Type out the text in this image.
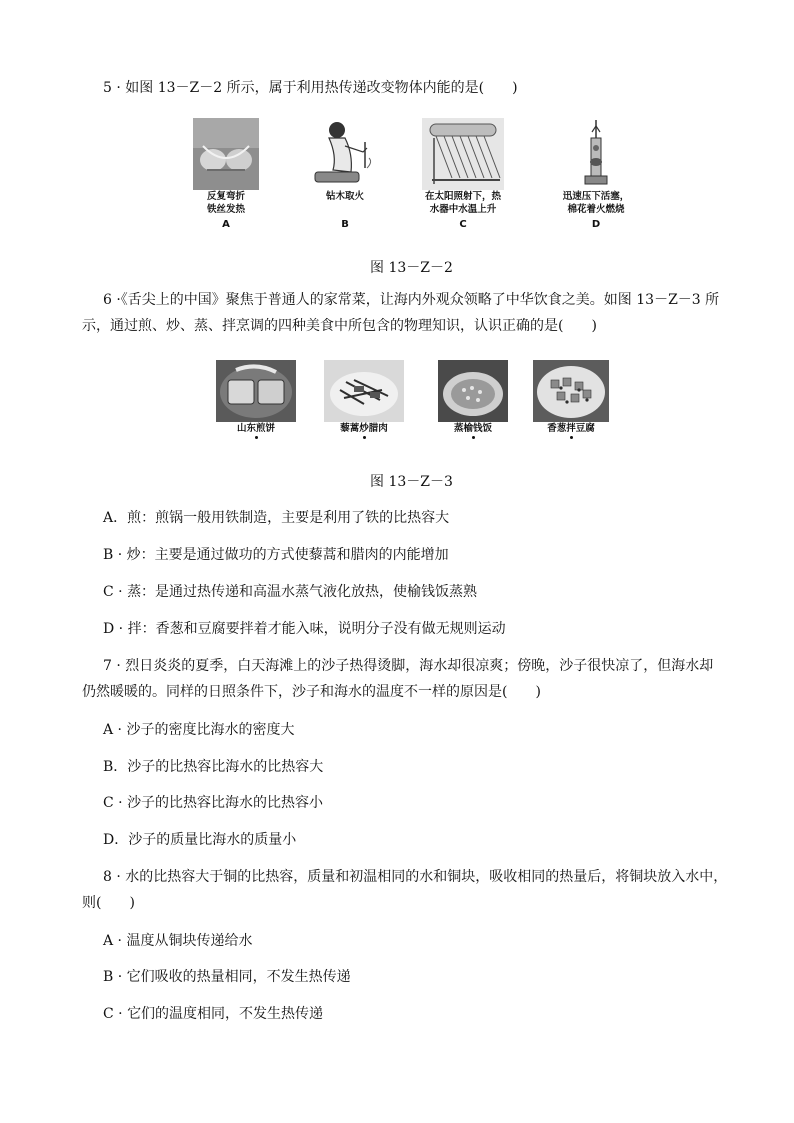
5 · 如图 13－Z－2 所示，属于利用热传递改变物体内能的是(　　)
反复弯折
铁丝发热
A
钻木取火
B
在太阳照射下，热
水器中水温上升
C
迅速压下活塞，
棉花着火燃烧
D
图 13－Z－2
6 ·《舌尖上的中国》聚焦于普通人的家常菜，让海内外观众领略了中华饮食之美。如图 13－Z－3 所
示，通过煎、炒、蒸、拌烹调的四种美食中所包含的物理知识，认识正确的是(　　)
山东煎饼	藜蒿炒腊肉	蒸榆钱饭	香葱拌豆腐
图 13－Z－3
A．煎：煎锅一般用铁制造，主要是利用了铁的比热容大
B · 炒：主要是通过做功的方式使藜蒿和腊肉的内能增加
C · 蒸：是通过热传递和高温水蒸气液化放热，使榆钱饭蒸熟
D · 拌：香葱和豆腐要拌着才能入味，说明分子没有做无规则运动
7 · 烈日炎炎的夏季，白天海滩上的沙子热得烫脚，海水却很凉爽；傍晚，沙子很快凉了，但海水却
仍然暖暖的。同样的日照条件下，沙子和海水的温度不一样的原因是(　　)
A · 沙子的密度比海水的密度大
B．沙子的比热容比海水的比热容大
C · 沙子的比热容比海水的比热容小
D．沙子的质量比海水的质量小
8 · 水的比热容大于铜的比热容，质量和初温相同的水和铜块，吸收相同的热量后，将铜块放入水中，
则(　　)
A · 温度从铜块传递给水
B · 它们吸收的热量相同，不发生热传递
C · 它们的温度相同，不发生热传递
